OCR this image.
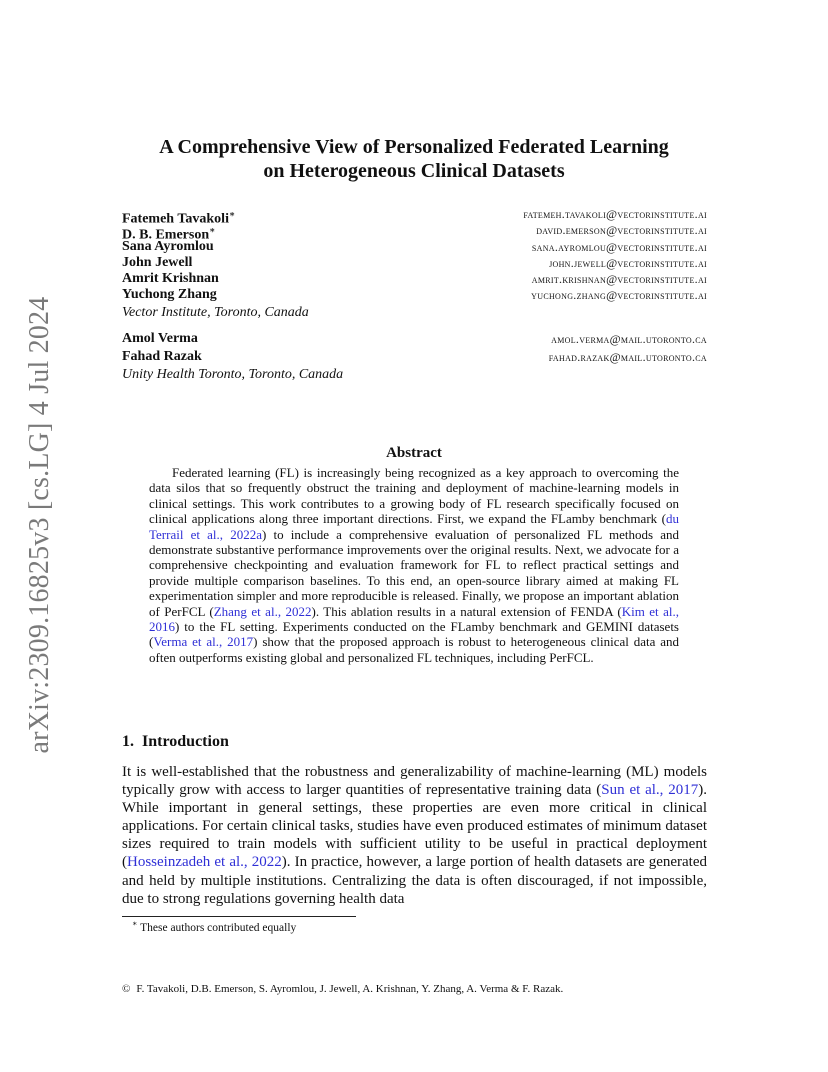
arXiv:2309.16825v3 [cs.LG] 4 Jul 2024
A Comprehensive View of Personalized Federated Learning
on Heterogeneous Clinical Datasets
Fatemeh Tavakoli∗	fatemeh.tavakoli@vectorinstitute.ai
D. B. Emerson∗	david.emerson@vectorinstitute.ai
Sana Ayromlou	sana.ayromlou@vectorinstitute.ai
John Jewell	john.jewell@vectorinstitute.ai
Amrit Krishnan	amrit.krishnan@vectorinstitute.ai
Yuchong Zhang	yuchong.zhang@vectorinstitute.ai
Vector Institute, Toronto, Canada
Amol Verma	amol.verma@mail.utoronto.ca
Fahad Razak	fahad.razak@mail.utoronto.ca
Unity Health Toronto, Toronto, Canada
Abstract

Federated learning (FL) is increasingly being recognized as a key approach to overcoming the data silos that so frequently obstruct the training and deployment of machine-learning models in clinical settings. This work contributes to a growing body of FL research specifically focused on clinical applications along three important directions. First, we expand the FLamby benchmark (du Terrail et al., 2022a) to include a comprehensive evaluation of personalized FL methods and demonstrate substantive performance improvements over the original results. Next, we advocate for a comprehensive checkpointing and evaluation framework for FL to reflect practical settings and provide multiple comparison baselines. To this end, an open-source library aimed at making FL experimentation simpler and more reproducible is released. Finally, we propose an important ablation of PerFCL (Zhang et al., 2022). This ablation results in a natural extension of FENDA (Kim et al., 2016) to the FL setting. Experiments conducted on the FLamby benchmark and GEMINI datasets (Verma et al., 2017) show that the proposed approach is robust to heterogeneous clinical data and often outperforms existing global and personalized FL techniques, including PerFCL.

1. Introduction

It is well-established that the robustness and generalizability of machine-learning (ML) models typically grow with access to larger quantities of representative training data (Sun et al., 2017). While important in general settings, these properties are even more critical in clinical applications. For certain clinical tasks, studies have even produced estimates of minimum dataset sizes required to train models with sufficient utility to be useful in practical deployment (Hosseinzadeh et al., 2022). In practice, however, a large portion of health datasets are generated and held by multiple institutions. Centralizing the data is often discouraged, if not impossible, due to strong regulations governing health data

∗ These authors contributed equally
© F. Tavakoli, D.B. Emerson, S. Ayromlou, J. Jewell, A. Krishnan, Y. Zhang, A. Verma & F. Razak.
